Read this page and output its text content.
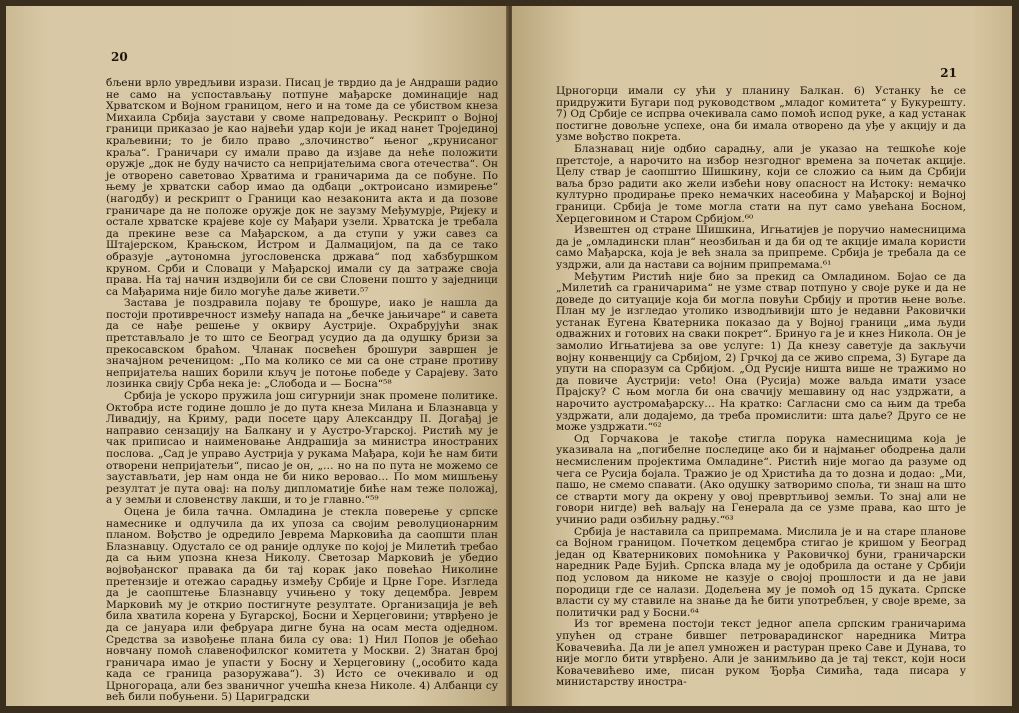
20

бљени врло увредљиви изрази. Писац је тврдио да је Андраши радио не само на успостављању потпуне мађарске доминације над Хрватском и Војном границом, него и на томе да се убиством кнеза Михаила Србија заустави у своме напредовању. Рескрипт о Војној граници приказао је као највећи удар који је икад нанет Тројединој краљевини; то је било право „злочинство“ њеног „крунисаног краља“. Граничари су имали право да изјаве да неће положити оружје „док не буду начисто са непријатељима свога отечества“. Он је отворено саветовао Хрватима и граничарима да се побуне. По њему је хрватски сабор имао да одбаци „октроисано измирење“ (нагодбу) и рескрипт о Граници као незаконита акта и да позове граничаре да не положе оружје док не заузму Међумурје, Ријеку и остале хрватске крајеве које су Мађари узели. Хрватска је требала да прекине везе са Мађарском, а да ступи у ужи савез са Штајерском, Крањском, Истром и Далмацијом, па да се тако образује „аутономна југословенска држава“ под хабзбуршком круном. Срби и Словаци у Мађарској имали су да затраже своја права. На тај начин издвојили би се сви Словени пошто у заједници са Мађарима није било могуће даље живети.⁵⁷

Застава је поздравила појаву те брошуре, иако је нашла да постоји противречност између напада на „бечке јањичаре“ и савета да се нађе решење у оквиру Аустрије. Охрабрујући знак претстављало је то што се Београд усудио да да одушку бризи за прекосавском браћом. Чланак посвећен брошури завршен је значајном реченицом: „По ма колико се ми са оне стране противу непријатеља наших борили кључ је потоње победе у Сарајеву. Зато лозинка свију Срба нека је: „Слобода и — Босна“⁵⁸

Србија је ускоро пружила још сигурнији знак промене политике. Октобра исте године дошло је до пута кнеза Милана и Блазнавца у Ливадију, на Криму, ради посете цару Александру II. Догађај је направио сензацију на Балкану и у Аустро-Угарској. Ристић му је чак приписао и наименовање Андрашија за министра иностраних послова. „Сад је управо Аустрија у рукама Мађара, који ће нам бити отворени непријатељи“, писао је он, „… но на по пута не можемо се заустављати, јер нам онда не би нико веровао… По мом мишљењу резултат је пута овај: на пољу дипломатије биће нам теже положај, а у земљи и словенству лакши, и то је главно.“⁵⁹

Оцена је била тачна. Омладина је стекла поверење у српске намеснике и одлучила да их упоза са својим револуционарним планом. Вођство је одредило Јеврема Марковића да саопшти план Блазнавцу. Одустало се од раније одлуке по којој је Милетић требао да са њим упозна кнеза Николу. Светозар Марковић је убедио војвођанског правака да би тај корак јако повећао Николине претензије и отежао сарадњу између Србије и Црне Горе. Изгледа да је саопштење Блазнавцу учињено у току децембра. Јеврем Марковић му је открио постигнуте резултате. Организација је већ била хватила корена у Бугарској, Босни и Херцеговини; утврђено је да се јануара или фебруара дигне буна на осам места одједном. Средства за извођење плана била су ова: 1) Нил Попов је обећао новчану помоћ славенофилског комитета у Москви. 2) Знатан број граничара имао је упасти у Босну и Херцеговину („особито када када се граница разоружава“). 3) Исто се очекивало и од Црногораца, али без званичног учешћа кнеза Николе. 4) Албанци су већ били побуњени. 5) Цариградски

21

Црногорци имали су ући у планину Балкан. 6) Устанку ће се придружити Бугари под руководством „младог комитета“ у Букурешту. 7) Од Србије се испрва очекивала само помоћ испод руке, а кад устанак постигне довољне успехе, она би имала отворено да уђе у акцију и да узме вођство покрета.

Блазнавац није одбио сарадњу, али је указао на тешкоће које претстоје, а нарочито на избор незгодног времена за почетак акције. Целу ствар је саопштио Шишкину, који се сложио са њим да Србији ваља брзо радити ако жели избећи нову опасност на Истоку: немачко културно продирање преко немачких насеобина у Мађарској и Војној граници. Србија је томе могла стати на пут само увећана Босном, Херцеговином и Старом Србијом.⁶⁰

Извештен од стране Шишкина, Игњатијев је поручио намесницима да је „омладински план“ неозбиљан и да би од те акције имала користи само Мађарска, која је већ знала за припреме. Србија је требала да се уздржи, али да настави са војним припремама.⁶¹

Међутим Ристић није био за прекид са Омладином. Бојао се да „Милетић са граничарима“ не узме ствар потпуно у своје руке и да не доведе до ситуације која би могла повући Србију и против њене воље. План му је изгледао утолико изводљивији што је недавни Раковички устанак Еугена Кватерника показао да у Војној граници „има људи одважних и готових на сваки покрет“. Бринуо га је и кнез Никола. Он је замолио Игњатијева за ове услуге: 1) Да кнезу саветује да закључи војну конвенцију са Србијом, 2) Грчкој да се живо спрема, 3) Бугаре да упути на споразум са Србијом. „Од Русије ништа више не тражимо но да повиче Аустрији: veto! Она (Русија) може ваљда имати узасе Прајску? С њом могла би она свачију мешавину од нас уздржати, а нарочито аустромађарску… На кратко: Сагласни смо са њим да треба уздржати, али додајемо, да треба промислити: шта даље? Друго се не може уздржати.“⁶²

Од Горчакова је такође стигла порука намесницима која је указивала на „погибелне последице ако би и најмањег ободрења дали несмисленим пројектима Омладине“. Ристић није могао да разуме од чега се Русија бојала. Тражио је од Христића да то дозна и додао: „Ми, пашо, не смемо спавати. (Ако одушку затворимо споља, ти знаш на што се стварти могу да окрену у овој превртљивој земљи. То знај али не говори нигде) већ ваљају на Генерала да се узме права, као што је учинио ради озбиљну радњу.“⁶³

Србија је наставила са припремама. Мислила је и на старе планове са Војном границом. Почетком децембра стигао је кришом у Београд један од Кватерникових помоћника у Раковичкој буни, граничарски наредник Раде Бујић. Српска влада му је одобрила да остане у Србији под условом да никоме не казује о својој прошлости и да не јави породици где се налази. Додељена му је помоћ од 15 дуката. Српске власти су му ставиле на знање да ће бити употребљен, у своје време, за политички рад у Босни.⁶⁴

Из тог времена постоји текст једног апела српским граничарима упућен од стране бившег петроварадинског наредника Митра Ковачевића. Да ли је апел умножен и растуран преко Саве и Дунава, то није могло бити утврђено. Али је занимљиво да је тај текст, који носи Ковачевићево име, писан руком Ђорђа Симића, тада писара у министарству иностра-
